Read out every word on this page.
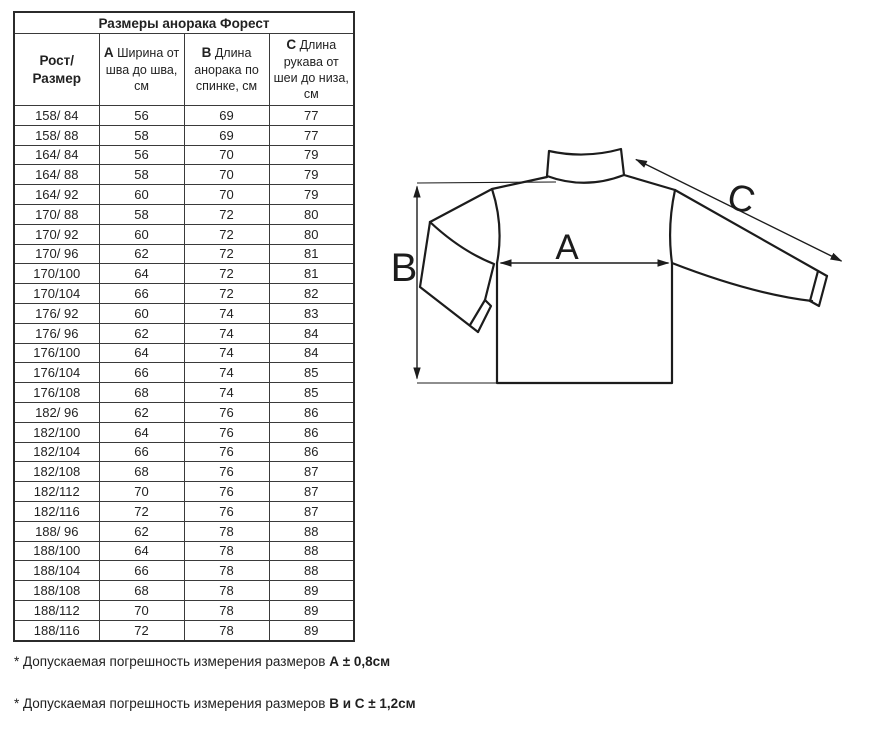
Размеры анорака Форест			
Рост/Размер	A Ширина от шва до шва, см	B Длина анорака по спинке, см	C Длина рукава от шеи до низа, см
158/ 84	56	69	77
158/ 88	58	69	77
164/ 84	56	70	79
164/ 88	58	70	79
164/ 92	60	70	79
170/ 88	58	72	80
170/ 92	60	72	80
170/ 96	62	72	81
170/100	64	72	81
170/104	66	72	82
176/ 92	60	74	83
176/ 96	62	74	84
176/100	64	74	84
176/104	66	74	85
176/108	68	74	85
182/ 96	62	76	86
182/100	64	76	86
182/104	66	76	86
182/108	68	76	87
182/112	70	76	87
182/116	72	76	87
188/ 96	62	78	88
188/100	64	78	88
188/104	66	78	88
188/108	68	78	89
188/112	70	78	89
188/116	72	78	89
A
B
C
* Допускаемая погрешность измерения размеров А ± 0,8см
* Допускаемая погрешность измерения размеров В и С ± 1,2см
